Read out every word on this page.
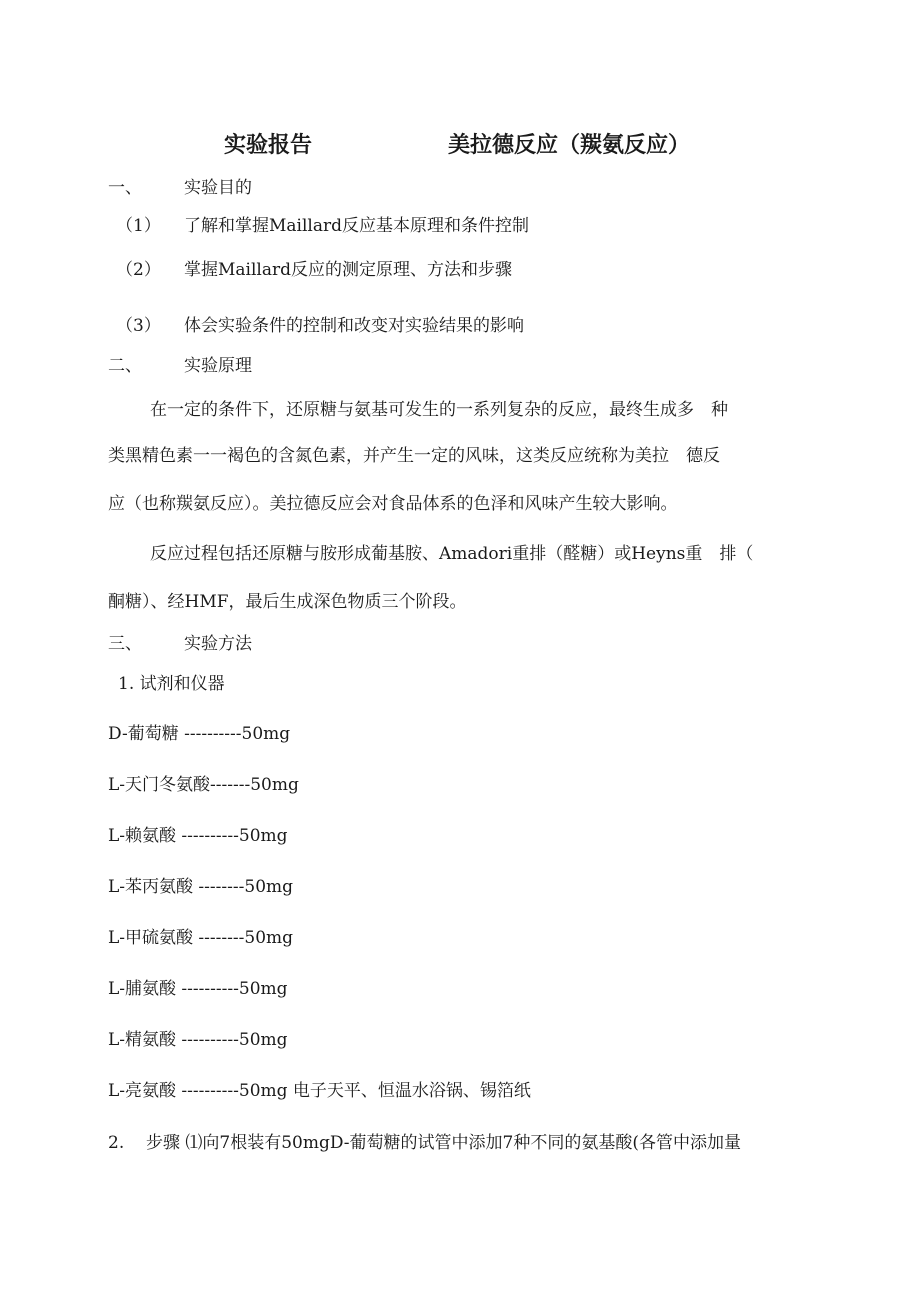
实验报告	美拉德反应（羰氨反应）
一、 实验目的
（1） 了解和掌握Maillard反应基本原理和条件控制
（2） 掌握Maillard反应的测定原理、方法和步骤
（3） 体会实验条件的控制和改变对实验结果的影响
二、 实验原理
在一定的条件下，还原糖与氨基可发生的一系列复杂的反应，最终生成多　种
类黑精色素一一褐色的含氮色素，并产生一定的风味，这类反应统称为美拉　德反
应（也称羰氨反应）。美拉德反应会对食品体系的色泽和风味产生较大影响。
反应过程包括还原糖与胺形成葡基胺、Amadori重排（醛糖）或Heyns重　排（
酮糖）、经HMF，最后生成深色物质三个阶段。
三、 实验方法
1. 试剂和仪器
D-葡萄糖 ----------50mg
L-天门冬氨酸-------50mg
L-赖氨酸 ----------50mg
L-苯丙氨酸 --------50mg
L-甲硫氨酸 --------50mg
L-脯氨酸 ----------50mg
L-精氨酸 ----------50mg
L-亮氨酸 ----------50mg 电子天平、恒温水浴锅、锡箔纸
2. 步骤 ⑴向7根装有50mgD-葡萄糖的试管中添加7种不同的氨基酸(各管中添加量
